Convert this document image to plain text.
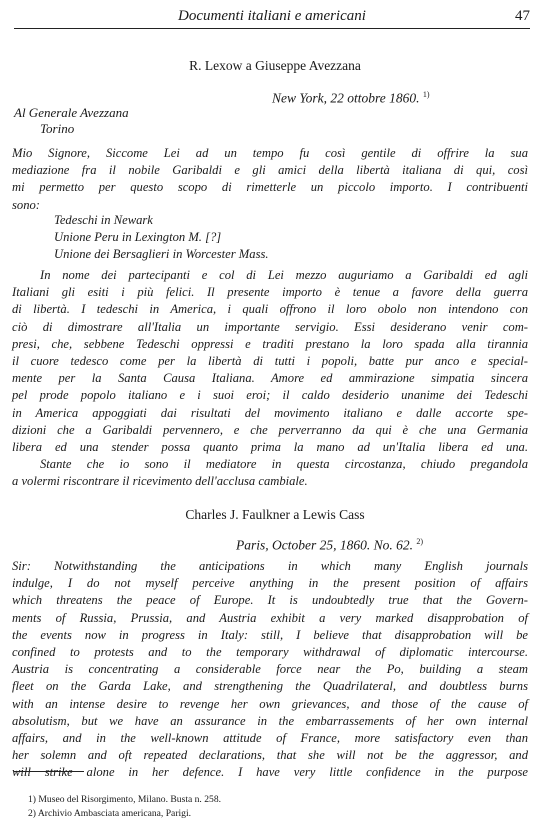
Documenti italiani e americani	47
R. Lexow a Giuseppe Avezzana
New York, 22 ottobre 1860. $^{1)}$
Al Generale Avezzana
Torino
Mio Signore, Siccome Lei ad un tempo fu così gentile di offrire la sua
mediazione fra il nobile Garibaldi e gli amici della libertà italiana di qui, così
mi permetto per questo scopo di rimetterle un piccolo importo. I contribuenti
sono:
Tedeschi in Newark
Unione Peru in Lexington M. [?]
Unione dei Bersaglieri in Worcester Mass.
In nome dei partecipanti e col di Lei mezzo auguriamo a Garibaldi ed agli
Italiani gli esiti i più felici. Il presente importo è tenue a favore della guerra
di libertà. I tedeschi in America, i quali offrono il loro obolo non intendono con
ciò di dimostrare all'Italia un importante servigio. Essi desiderano venir com-
presi, che, sebbene Tedeschi oppressi e traditi prestano la loro spada alla tirannia
il cuore tedesco come per la libertà di tutti i popoli, batte pur anco e special-
mente per la Santa Causa Italiana. Amore ed ammirazione simpatia sincera
pel prode popolo italiano e i suoi eroi; il caldo desiderio unanime dei Tedeschi
in America appoggiati dai risultati del movimento italiano e dalle accorte spe-
dizioni che a Garibaldi pervennero, e che perverranno da qui è che una Germania
libera ed una stender possa quanto prima la mano ad un'Italia libera ed una.
Stante che io sono il mediatore in questa circostanza, chiudo pregandola
a volermi riscontrare il ricevimento dell'acclusa cambiale.
Charles J. Faulkner a Lewis Cass
Paris, October 25, 1860. No. 62. $^{2)}$
Sir: Notwithstanding the anticipations in which many English journals
indulge, I do not myself perceive anything in the present position of affairs
which threatens the peace of Europe. It is undoubtedly true that the Govern-
ments of Russia, Prussia, and Austria exhibit a very marked disapprobation of
the events now in progress in Italy: still, I believe that disapprobation will be
confined to protests and to the temporary withdrawal of diplomatic intercourse.
Austria is concentrating a considerable force near the Po, building a steam
fleet on the Garda Lake, and strengthening the Quadrilateral, and doubtless burns
with an intense desire to revenge her own grievances, and those of the cause of
absolutism, but we have an assurance in the embarrassements of her own internal
affairs, and in the well-known attitude of France, more satisfactory even than
her solemn and oft repeated declarations, that she will not be the aggressor, and
will strike alone in her defence. I have very little confidence in the purpose
1) Museo del Risorgimento, Milano. Busta n. 258.
2) Archivio Ambasciata americana, Parigi.
